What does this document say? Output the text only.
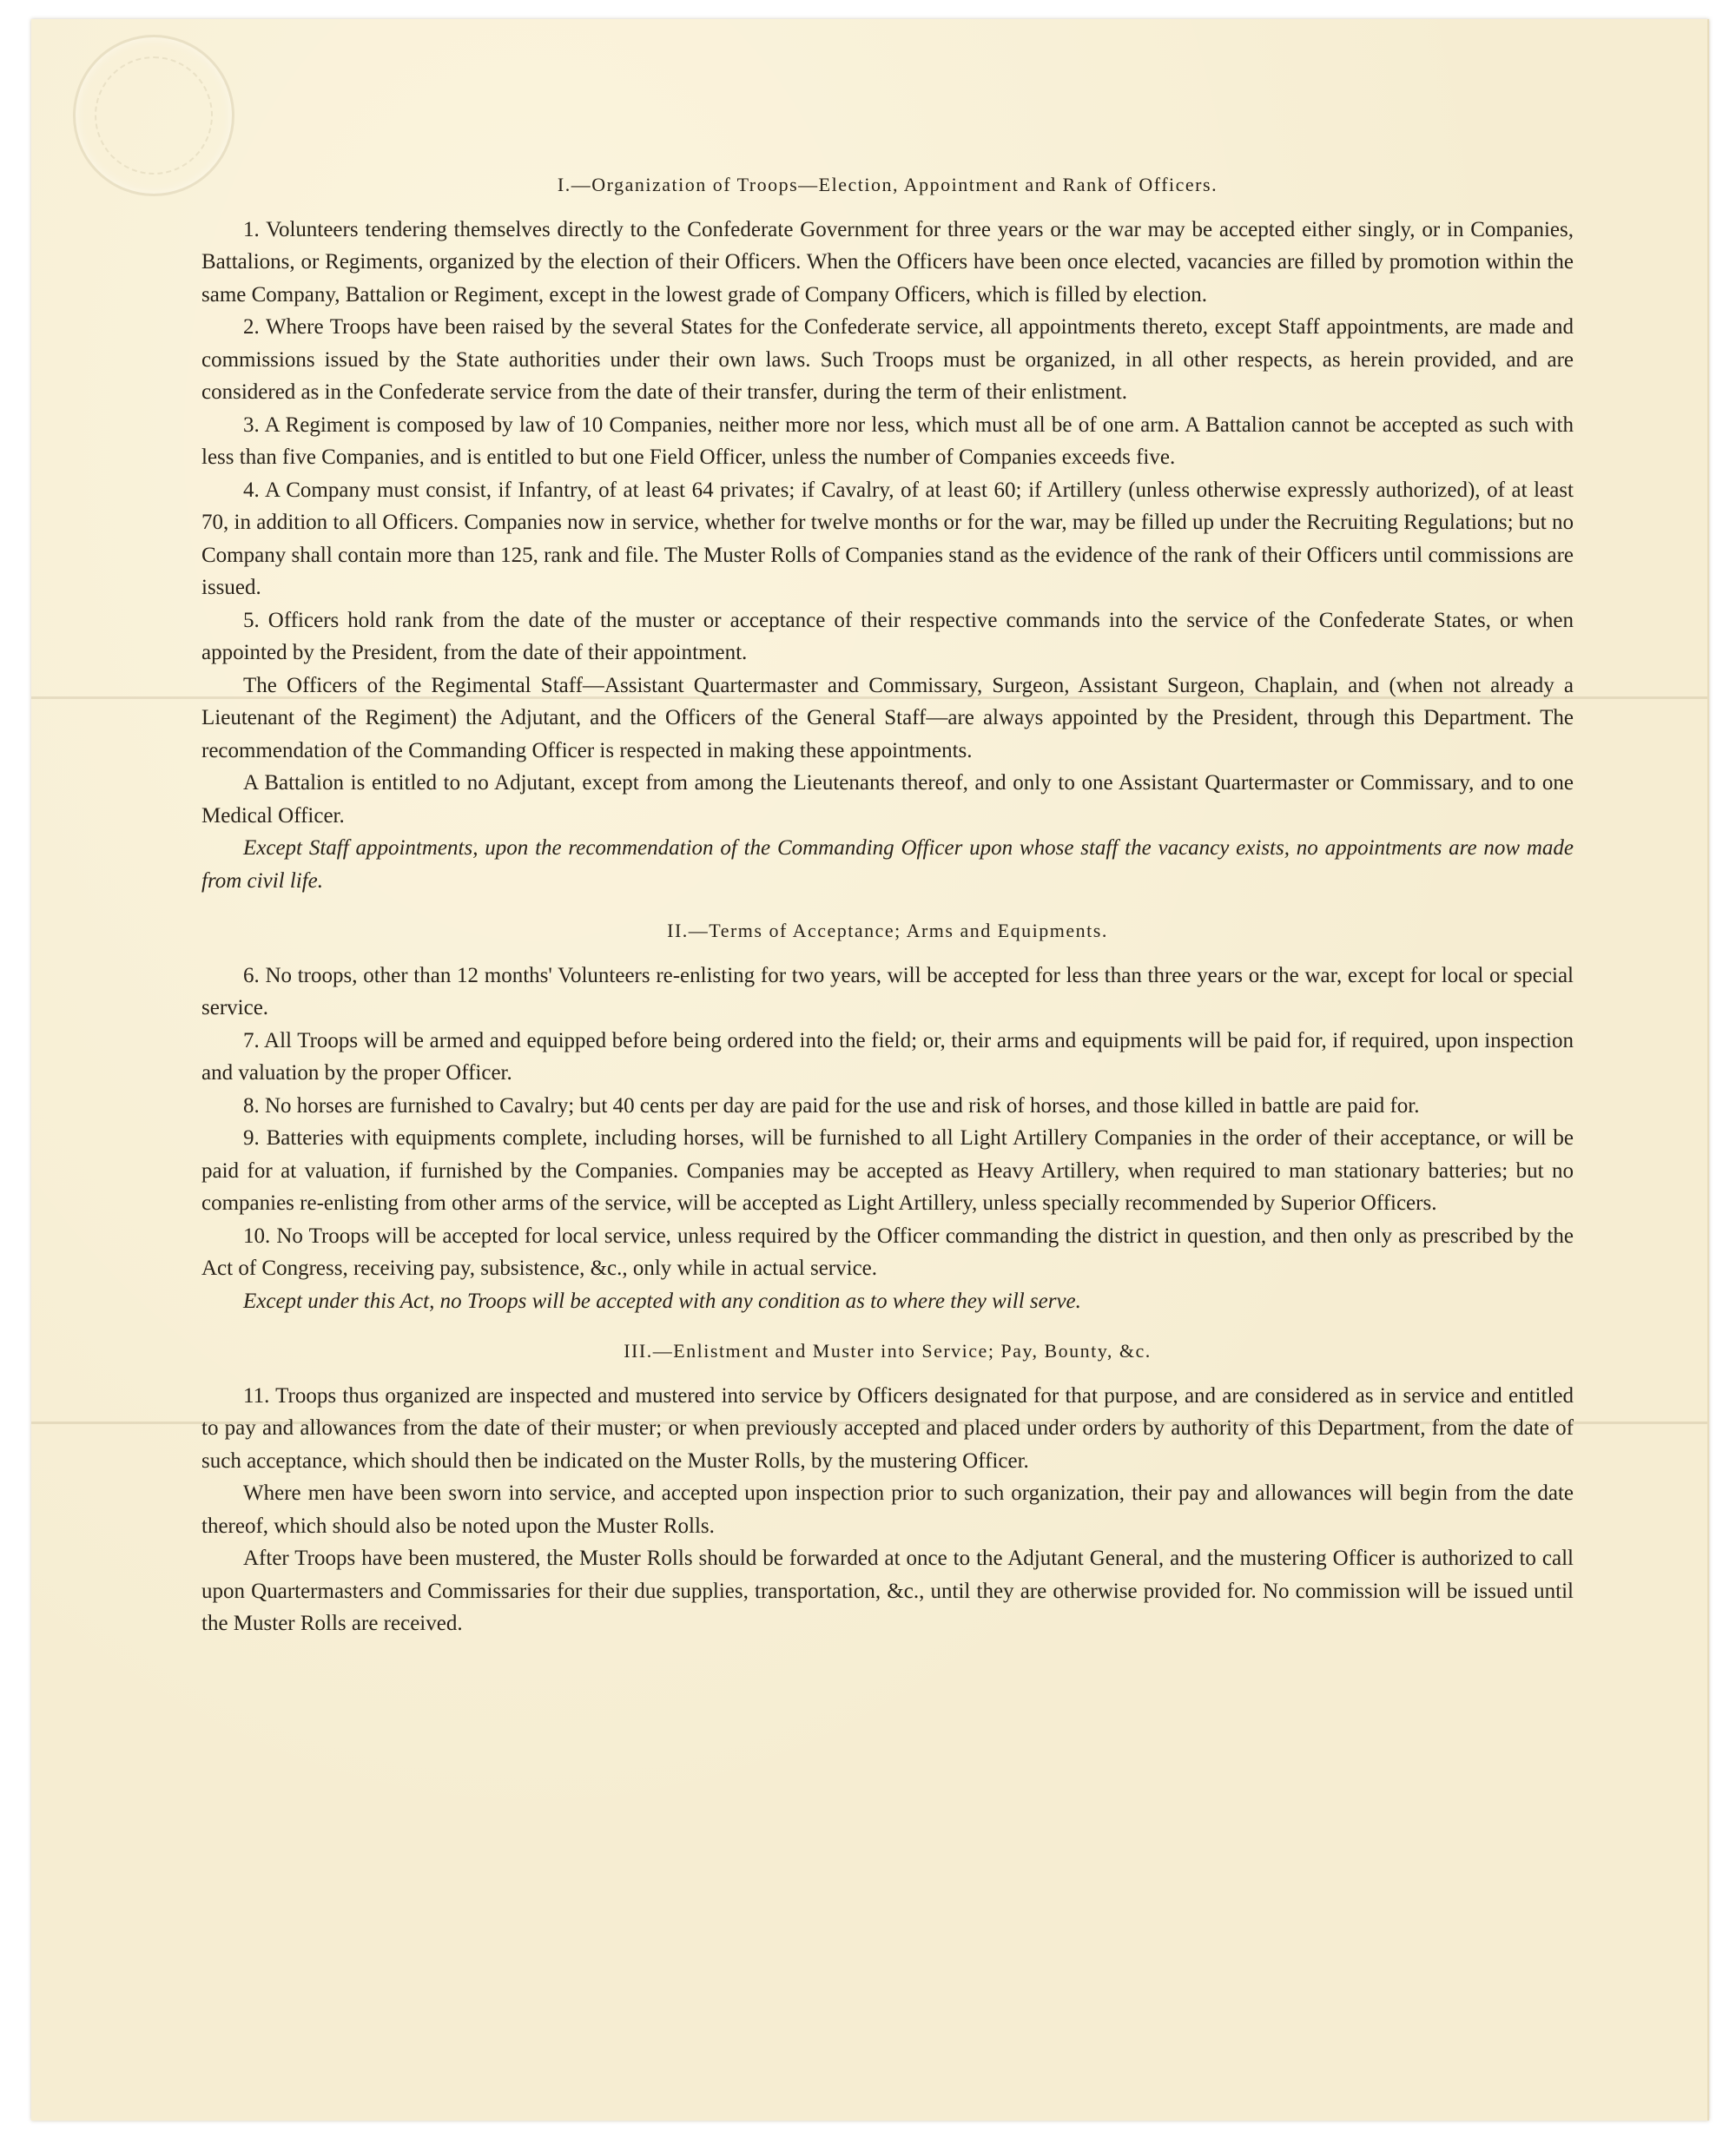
I.—Organization of Troops—Election, Appointment and Rank of Officers.

1. Volunteers tendering themselves directly to the Confederate Government for three years or the war may be accepted either singly, or in Companies, Battalions, or Regiments, organized by the election of their Officers. When the Officers have been once elected, vacancies are filled by promotion within the same Company, Battalion or Regiment, except in the lowest grade of Company Officers, which is filled by election.

2. Where Troops have been raised by the several States for the Confederate service, all appointments thereto, except Staff appointments, are made and commissions issued by the State authorities under their own laws. Such Troops must be organized, in all other respects, as herein provided, and are considered as in the Confederate service from the date of their transfer, during the term of their enlistment.

3. A Regiment is composed by law of 10 Companies, neither more nor less, which must all be of one arm. A Battalion cannot be accepted as such with less than five Companies, and is entitled to but one Field Officer, unless the number of Companies exceeds five.

4. A Company must consist, if Infantry, of at least 64 privates; if Cavalry, of at least 60; if Artillery (unless otherwise expressly authorized), of at least 70, in addition to all Officers. Companies now in service, whether for twelve months or for the war, may be filled up under the Recruiting Regulations; but no Company shall contain more than 125, rank and file. The Muster Rolls of Companies stand as the evidence of the rank of their Officers until commissions are issued.

5. Officers hold rank from the date of the muster or acceptance of their respective commands into the service of the Confederate States, or when appointed by the President, from the date of their appointment.

The Officers of the Regimental Staff—Assistant Quartermaster and Commissary, Surgeon, Assistant Surgeon, Chaplain, and (when not already a Lieutenant of the Regiment) the Adjutant, and the Officers of the General Staff—are always appointed by the President, through this Department. The recommendation of the Commanding Officer is respected in making these appointments.

A Battalion is entitled to no Adjutant, except from among the Lieutenants thereof, and only to one Assistant Quartermaster or Commissary, and to one Medical Officer.

Except Staff appointments, upon the recommendation of the Commanding Officer upon whose staff the vacancy exists, no appointments are now made from civil life.

II.—Terms of Acceptance; Arms and Equipments.

6. No troops, other than 12 months' Volunteers re-enlisting for two years, will be accepted for less than three years or the war, except for local or special service.

7. All Troops will be armed and equipped before being ordered into the field; or, their arms and equipments will be paid for, if required, upon inspection and valuation by the proper Officer.

8. No horses are furnished to Cavalry; but 40 cents per day are paid for the use and risk of horses, and those killed in battle are paid for.

9. Batteries with equipments complete, including horses, will be furnished to all Light Artillery Companies in the order of their acceptance, or will be paid for at valuation, if furnished by the Companies. Companies may be accepted as Heavy Artillery, when required to man stationary batteries; but no companies re-enlisting from other arms of the service, will be accepted as Light Artillery, unless specially recommended by Superior Officers.

10. No Troops will be accepted for local service, unless required by the Officer commanding the district in question, and then only as prescribed by the Act of Congress, receiving pay, subsistence, &c., only while in actual service.

Except under this Act, no Troops will be accepted with any condition as to where they will serve.

III.—Enlistment and Muster into Service; Pay, Bounty, &c.

11. Troops thus organized are inspected and mustered into service by Officers designated for that purpose, and are considered as in service and entitled to pay and allowances from the date of their muster; or when previously accepted and placed under orders by authority of this Department, from the date of such acceptance, which should then be indicated on the Muster Rolls, by the mustering Officer.

Where men have been sworn into service, and accepted upon inspection prior to such organization, their pay and allowances will begin from the date thereof, which should also be noted upon the Muster Rolls.

After Troops have been mustered, the Muster Rolls should be forwarded at once to the Adjutant General, and the mustering Officer is authorized to call upon Quartermasters and Commissaries for their due supplies, transportation, &c., until they are otherwise provided for. No commission will be issued until the Muster Rolls are received.
